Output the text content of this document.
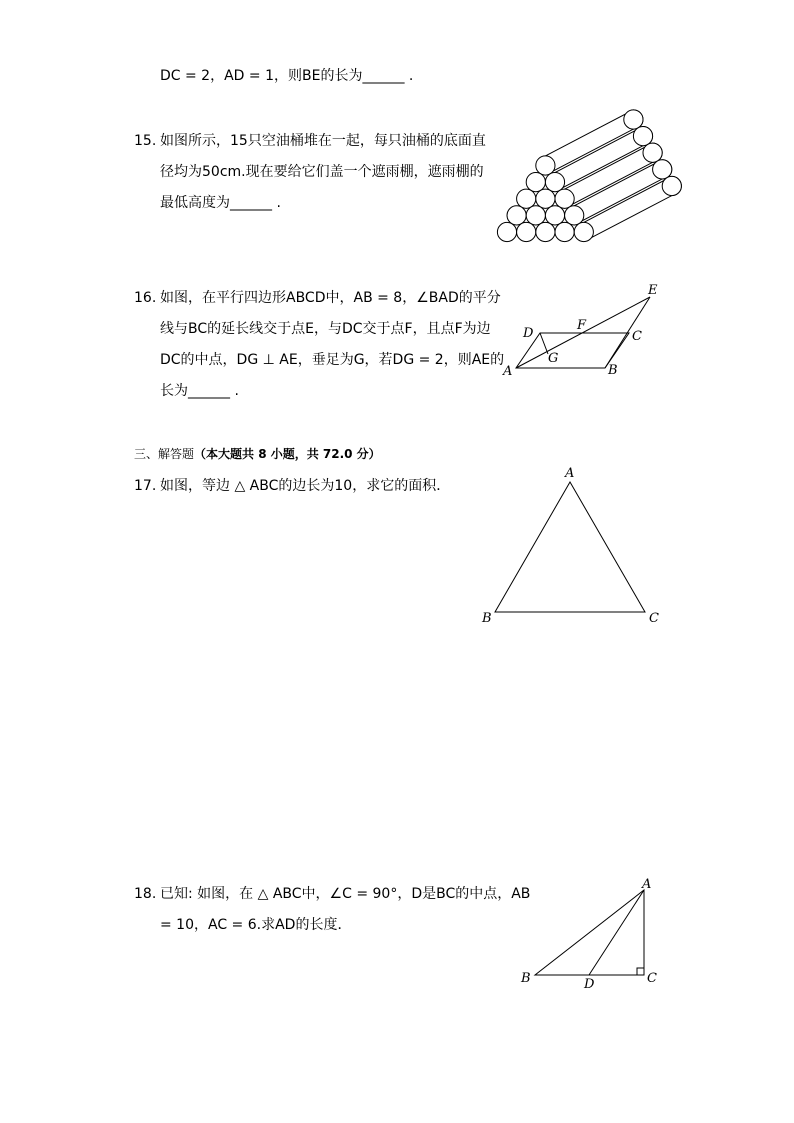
DC = 2，AD = 1，则BE的长为______ .
15. 如图所示，15只空油桶堆在一起，每只油桶的底面直
径均为50cm.现在要给它们盖一个遮雨棚，遮雨棚的
最低高度为______ .
16. 如图，在平行四边形ABCD中，AB = 8，∠BAD的平分
线与BC的延长线交于点E，与DC交于点F，且点F为边
DC的中点，DG ⊥ AE，垂足为G，若DG = 2，则AE的
长为______ .
A	B
C
D
E
F
G
三、解答题（本大题共 8 小题，共 72.0 分）
17. 如图，等边 △ ABC的边长为10，求它的面积．
A
B	C
18. 已知: 如图，在 △ ABC中，∠C = 90°，D是BC的中点，AB
= 10，AC = 6.求AD的长度．
A
B	C
D
